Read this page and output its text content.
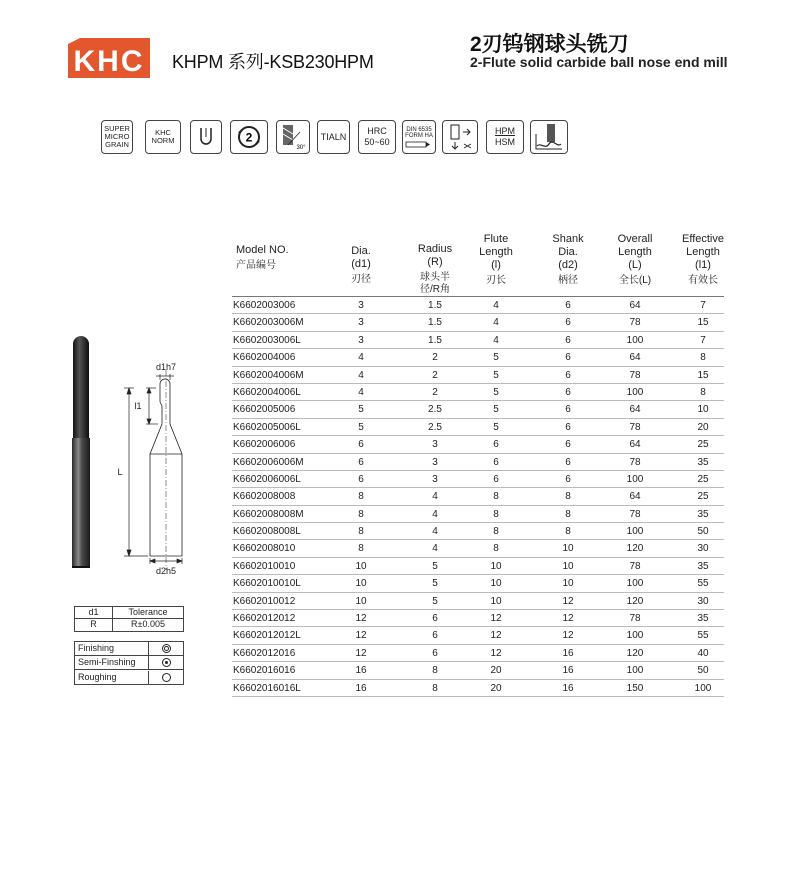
KHC KHPM 系列-KSB230HPM
2刃钨钢球头铣刀
2-Flute solid carbide ball nose end mill
SUPER
MICRO
GRAIN
KHC
NORM	2
30°
TIALN
HRC
50~60
DIN 6535
FORM HA	HPM
HSM
Model NO.
产品编号

Dia.
(d1)
刃径

Radius
(R)
球头半
径/R角

Flute
Length
(l)
刃长

Shank
Dia.
(d2)
柄径

Overall
Length
(L)
全长(L)

Effective
Length
(l1)
有效长

K6602003006	3	1.5	4	6	64	7
K6602003006M	3	1.5	4	6	78	15
K6602003006L	3	1.5	4	6	100	7
K6602004006	4	2	5	6	64	8
K6602004006M	4	2	5	6	78	15
K6602004006L	4	2	5	6	100	8
K6602005006	5	2.5	5	6	64	10
K6602005006L	5	2.5	5	6	78	20
K6602006006	6	3	6	6	64	25
K6602006006M	6	3	6	6	78	35
K6602006006L	6	3	6	6	100	25
K6602008008	8	4	8	8	64	25
K6602008008M	8	4	8	8	78	35
K6602008008L	8	4	8	8	100	50
K6602008010	8	4	8	10	120	30
K6602010010	10	5	10	10	78	35
K6602010010L	10	5	10	10	100	55
K6602010012	10	5	10	12	120	30
K6602012012	12	6	12	12	78	35
K6602012012L	12	6	12	12	100	55
K6602012016	12	6	12	16	120	40
K6602016016	16	8	20	16	100	50
K6602016016L	16	8	20	16	150	100
d1h7
l1
L
d2h5
d1	Tolerance
R	R±0.005
Finishing
Semi-Finshing
Roughing
